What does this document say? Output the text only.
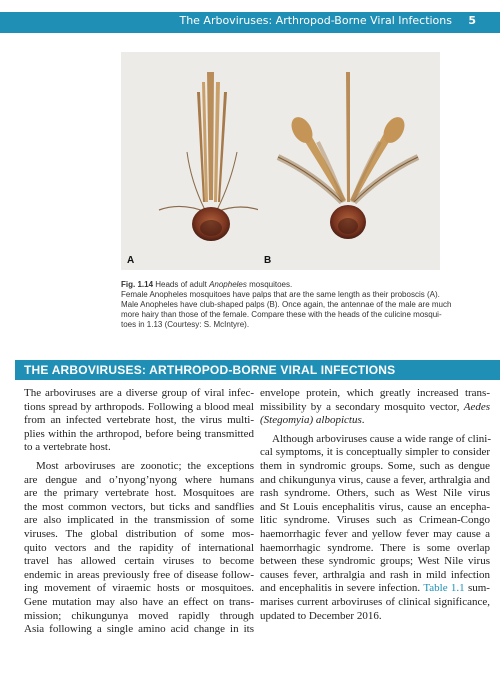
The Arboviruses: Arthropod-Borne Viral Infections 5
A	B
Fig. 1.14 Heads of adult Anopheles mosquitoes.
Female Anopheles mosquitoes have palps that are the same length as their proboscis (A).
Male Anopheles have club-shaped palps (B). Once again, the antennae of the male are much
more hairy than those of the female. Compare these with the heads of the culicine mosqui-
toes in 1.13 (Courtesy: S. McIntyre).
THE ARBOVIRUSES: ARTHROPOD-BORNE VIRAL INFECTIONS
The arboviruses are a diverse group of viral infec-
tions spread by arthropods. Following a blood meal
from an infected vertebrate host, the virus multi-
plies within the arthropod, before being transmitted
to a vertebrate host.
Most arboviruses are zoonotic; the exceptions
are dengue and o’nyong’nyong where humans
are the primary vertebrate host. Mosquitoes are
the most common vectors, but ticks and sandflies
are also implicated in the transmission of some
viruses. The global distribution of some mos-
quito vectors and the rapidity of international
travel has allowed certain viruses to become
endemic in areas previously free of disease follow-
ing movement of viraemic hosts or mosquitoes.
Gene mutation may also have an effect on trans-
mission; chikungunya moved rapidly through
Asia following a single amino acid change in its
envelope protein, which greatly increased trans-
missibility by a secondary mosquito vector, Aedes
(Stegomyia) albopictus.
Although arboviruses cause a wide range of clini-
cal symptoms, it is conceptually simpler to consider
them in syndromic groups. Some, such as dengue
and chikungunya virus, cause a fever, arthralgia and
rash syndrome. Others, such as West Nile virus
and St Louis encephalitis virus, cause an encepha-
litic syndrome. Viruses such as Crimean-Congo
haemorrhagic fever and yellow fever may cause a
haemorrhagic syndrome. There is some overlap
between these syndromic groups; West Nile virus
causes fever, arthralgia and rash in mild infection
and encephalitis in severe infection. Table 1.1 sum-
marises current arboviruses of clinical significance,
updated to December 2016.
